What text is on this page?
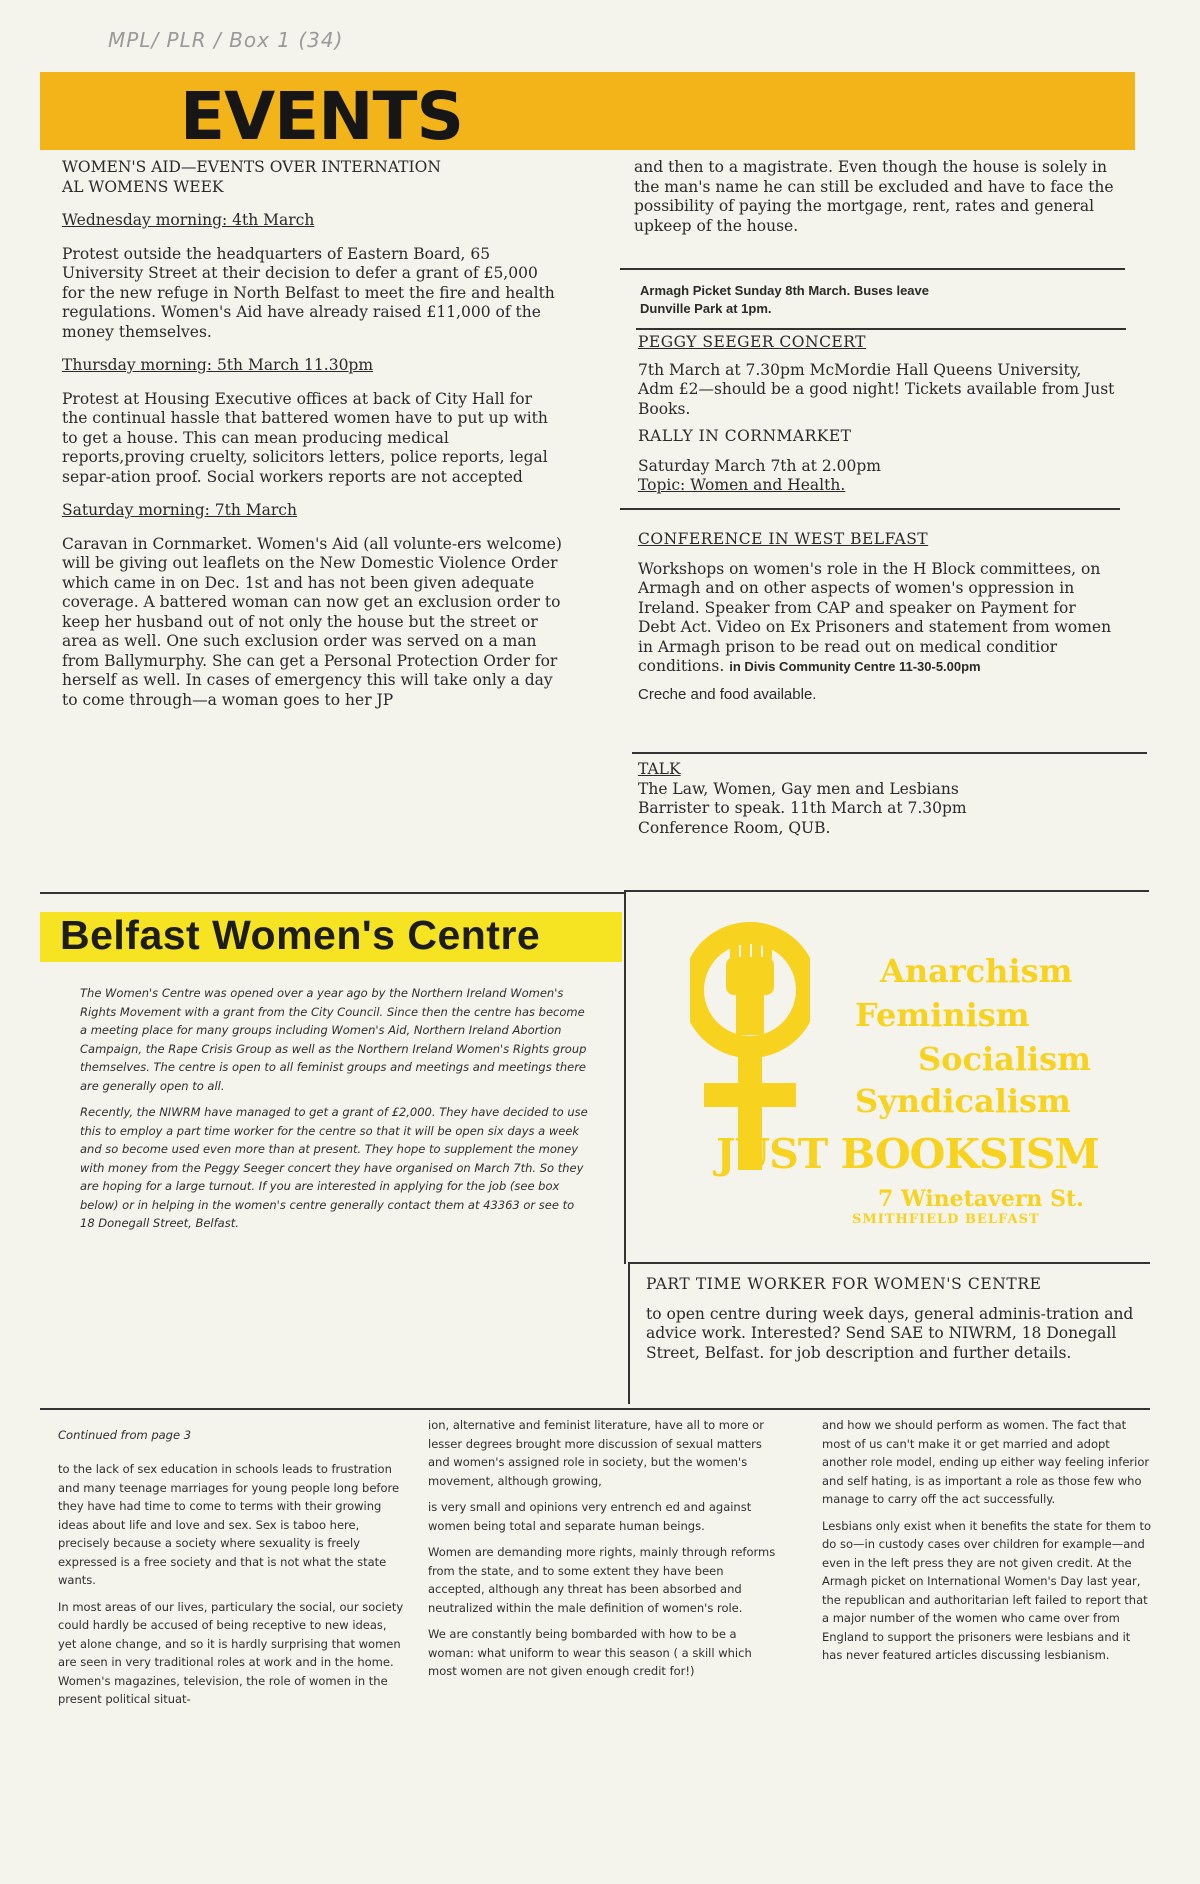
MPL/ PLR / Box 1 (34)
EVENTS
WOMEN'S AID—EVENTS OVER INTERNATION
AL WOMENS WEEK
Wednesday morning: 4th March

Protest outside the headquarters of Eastern Board, 65 University Street at their decision to defer a grant of £5,000 for the new refuge in North Belfast to meet the fire and health regulations. Women's Aid have already raised £11,000 of the money themselves.

Thursday morning: 5th March 11.30pm

Protest at Housing Executive offices at back of City Hall for the continual hassle that battered women have to put up with to get a house. This can mean producing medical reports,proving cruelty, solicitors letters, police reports, legal separ-ation proof. Social workers reports are not accepted

Saturday morning: 7th March

Caravan in Cornmarket. Women's Aid (all volunte-ers welcome) will be giving out leaflets on the New Domestic Violence Order which came in on Dec. 1st and has not been given adequate coverage. A battered woman can now get an exclusion order to keep her husband out of not only the house but the street or area as well. One such exclusion order was served on a man from Ballymurphy. She can get a Personal Protection Order for herself as well. In cases of emergency this will take only a day to come through—a woman goes to her JP

and then to a magistrate. Even though the house is solely in the man's name he can still be excluded and have to face the possibility of paying the mortgage, rent, rates and general upkeep of the house.

Armagh Picket Sunday 8th March. Buses leave
Dunville Park at 1pm.
PEGGY SEEGER CONCERT

7th March at 7.30pm McMordie Hall Queens University, Adm £2—should be a good night! Tickets available from Just Books.

RALLY IN CORNMARKET
Saturday March 7th at 2.00pm
Topic: Women and Health.
CONFERENCE IN WEST BELFAST
Workshops on women's role in the H Block committees, on Armagh and on other aspects of women's oppression in Ireland. Speaker from CAP and speaker on Payment for Debt Act. Video on Ex Prisoners and statement from women in Armagh prison to be read out on medical conditior conditions. in Divis Community Centre 11-30-5.00pm
Creche and food available.
TALK
The Law, Women, Gay men and Lesbians
Barrister to speak. 11th March at 7.30pm
Conference Room, QUB.
Belfast Women's Centre

The Women's Centre was opened over a year ago by the Northern Ireland Women's Rights Movement with a grant from the City Council. Since then the centre has become a meeting place for many groups including Women's Aid, Northern Ireland Abortion Campaign, the Rape Crisis Group as well as the Northern Ireland Women's Rights group themselves. The centre is open to all feminist groups and meetings and meetings there are generally open to all.

Recently, the NIWRM have managed to get a grant of £2,000. They have decided to use this to employ a part time worker for the centre so that it will be open six days a week and so become used even more than at present. They hope to supplement the money with money from the Peggy Seeger concert they have organised on March 7th. So they are hoping for a large turnout. If you are interested in applying for the job (see box below) or in helping in the women's centre generally contact them at 43363 or see to 18 Donegall Street, Belfast.

Anarchism
Feminism
Socialism
Syndicalism
JUST BOOKSISM
7 Winetavern St.
SMITHFIELD BELFAST
PART TIME WORKER FOR WOMEN'S CENTRE
to open centre during week days, general adminis-tration and advice work. Interested? Send SAE to NIWRM, 18 Donegall Street, Belfast. for job description and further details.
Continued from page 3

to the lack of sex education in schools leads to frustration and many teenage marriages for young people long before they have had time to come to terms with their growing ideas about life and love and sex. Sex is taboo here, precisely because a society where sexuality is freely expressed is a free society and that is not what the state wants.

In most areas of our lives, particulary the social, our society could hardly be accused of being receptive to new ideas, yet alone change, and so it is hardly surprising that women are seen in very traditional roles at work and in the home. Women's magazines, television, the role of women in the present political situat-

ion, alternative and feminist literature, have all to more or lesser degrees brought more discussion of sexual matters and women's assigned role in society, but the women's movement, although growing,

is very small and opinions very entrench ed and against women being total and separate human beings.

Women are demanding more rights, mainly through reforms from the state, and to some extent they have been accepted, although any threat has been absorbed and neutralized within the male definition of women's role.

We are constantly being bombarded with how to be a woman: what uniform to wear this season ( a skill which most women are not given enough credit for!)

and how we should perform as women. The fact that most of us can't make it or get married and adopt another role model, ending up either way feeling inferior and self hating, is as important a role as those few who manage to carry off the act successfully.

Lesbians only exist when it benefits the state for them to do so—in custody cases over children for example—and even in the left press they are not given credit. At the Armagh picket on International Women's Day last year, the republican and authoritarian left failed to report that a major number of the women who came over from England to support the prisoners were lesbians and it has never featured articles discussing lesbianism.
